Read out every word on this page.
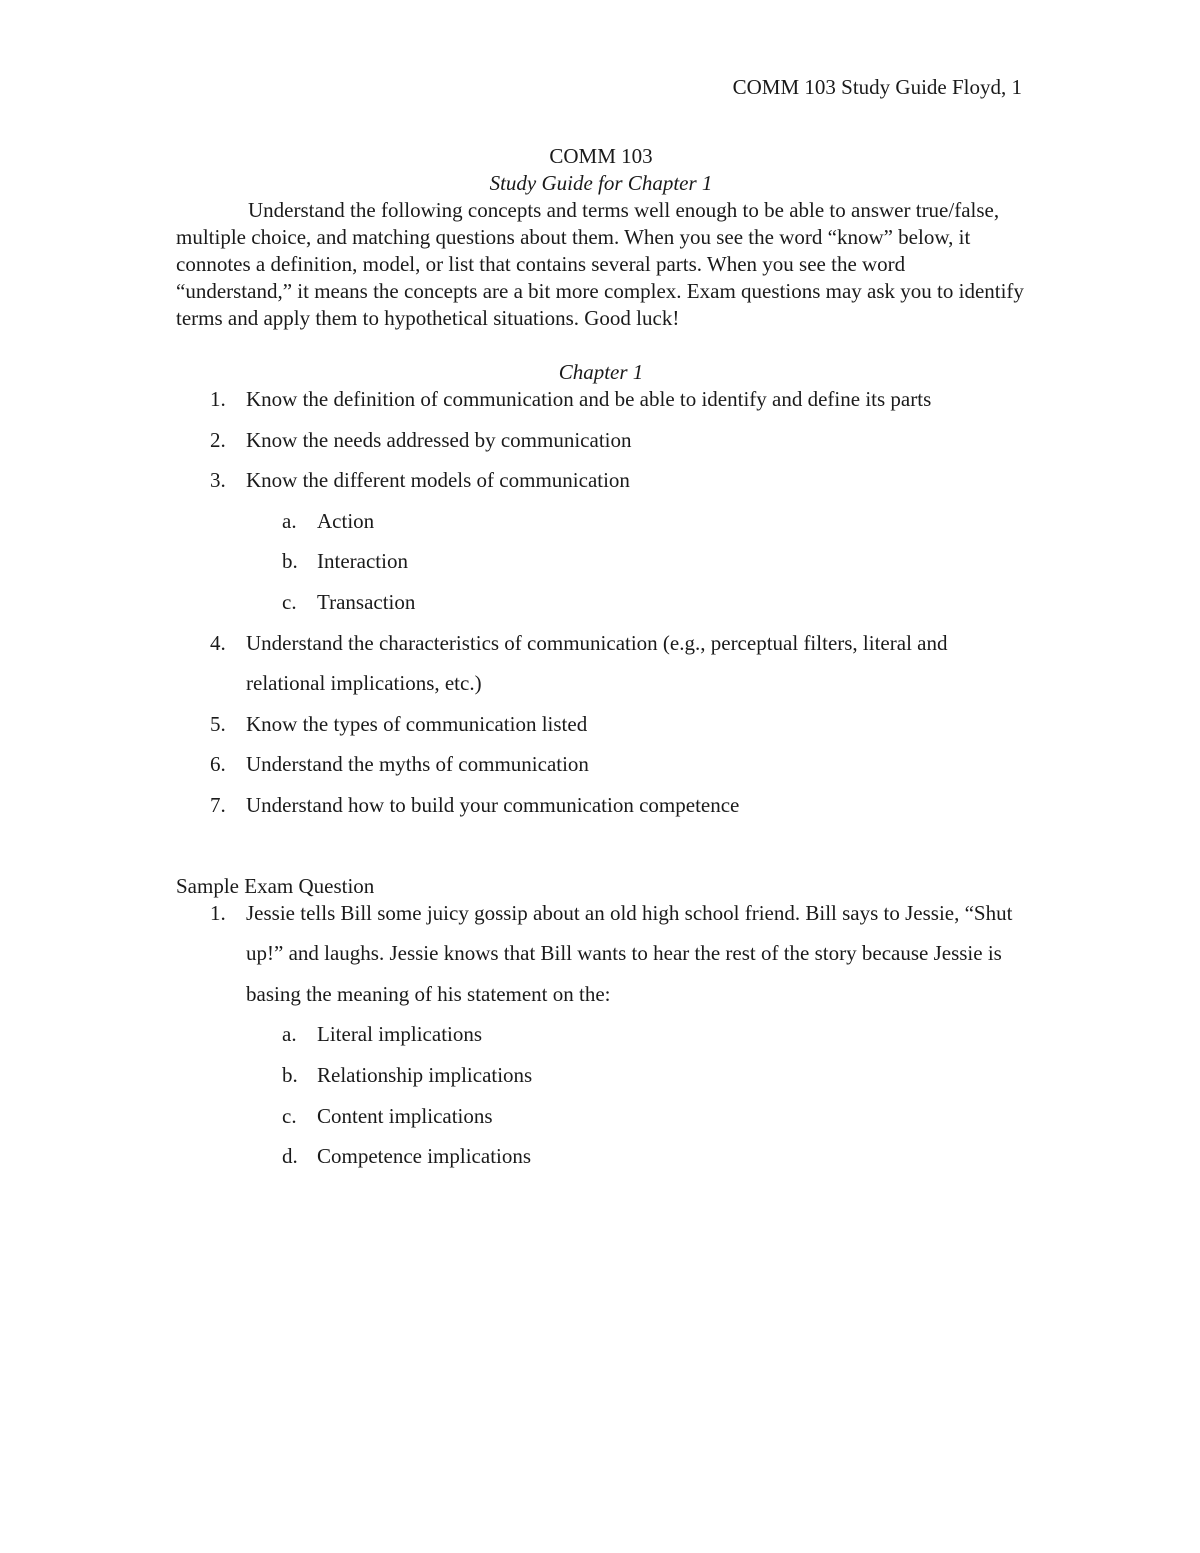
COMM 103 Study Guide Floyd, 1

COMM 103

Study Guide for Chapter 1

Understand the following concepts and terms well enough to be able to answer true/false, multiple choice, and matching questions about them. When you see the word “know” below, it connotes a definition, model, or list that contains several parts. When you see the word “understand,” it means the concepts are a bit more complex. Exam questions may ask you to identify terms and apply them to hypothetical situations. Good luck!

Chapter 1

1. Know the definition of communication and be able to identify and define its parts
2. Know the needs addressed by communication
3. Know the different models of communication
a. Action
b. Interaction
c. Transaction
4. Understand the characteristics of communication (e.g., perceptual filters, literal and relational implications, etc.)
5. Know the types of communication listed
6. Understand the myths of communication
7. Understand how to build your communication competence

Sample Exam Question

1. Jessie tells Bill some juicy gossip about an old high school friend. Bill says to Jessie, “Shut up!” and laughs. Jessie knows that Bill wants to hear the rest of the story because Jessie is basing the meaning of his statement on the:
a. Literal implications
b. Relationship implications
c. Content implications
d. Competence implications
